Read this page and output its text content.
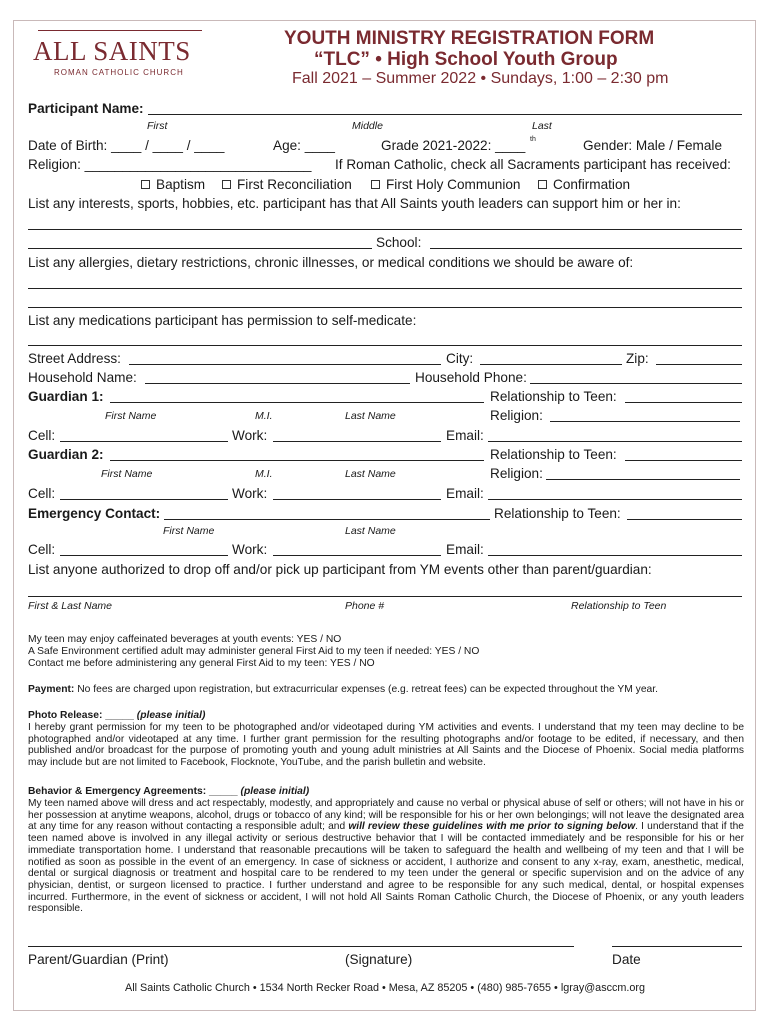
ALL SAINTS
ROMAN CATHOLIC CHURCH
YOUTH MINISTRY REGISTRATION FORM
“TLC” • High School Youth Group
Fall 2021 – Summer 2022 • Sundays, 1:00 – 2:30 pm
Participant Name:
First	Middle	Last
Date of Birth: ____ / ____ / ____	Age: ____	Grade 2021-2022: ____ th	Gender: Male / Female
Religion: ______________________________ If Roman Catholic, check all Sacraments participant has received:
Baptism	First Reconciliation	First Holy Communion	Confirmation
List any interests, sports, hobbies, etc. participant has that All Saints youth leaders can support him or her in:
School:
List any allergies, dietary restrictions, chronic illnesses, or medical conditions we should be aware of:
List any medications participant has permission to self-medicate:
Street Address:	City:	Zip:
Household Name:	Household Phone:
Guardian 1:	Relationship to Teen:
First Name	M.I.	Last Name	Religion:
Cell:	Work:	Email:
Guardian 2:	Relationship to Teen:
First Name	M.I.	Last Name	Religion:
Cell:	Work:	Email:
Emergency Contact:	Relationship to Teen:
First Name	Last Name
Cell:	Work:	Email:
List anyone authorized to drop off and/or pick up participant from YM events other than parent/guardian:
First & Last Name	Phone #	Relationship to Teen
My teen may enjoy caffeinated beverages at youth events: YES / NO
A Safe Environment certified adult may administer general First Aid to my teen if needed: YES / NO
Contact me before administering any general First Aid to my teen: YES / NO
Payment: No fees are charged upon registration, but extracurricular expenses (e.g. retreat fees) can be expected throughout the YM year.
Photo Release: _____ (please initial)
I hereby grant permission for my teen to be photographed and/or videotaped during YM activities and events. I understand that my teen may decline to be photographed and/or videotaped at any time. I further grant permission for the resulting photographs and/or footage to be edited, if necessary, and then published and/or broadcast for the purpose of promoting youth and young adult ministries at All Saints and the Diocese of Phoenix. Social media platforms may include but are not limited to Facebook, Flocknote, YouTube, and the parish bulletin and website.
Behavior & Emergency Agreements: _____ (please initial)
My teen named above will dress and act respectably, modestly, and appropriately and cause no verbal or physical abuse of self or others; will not have in his or her possession at anytime weapons, alcohol, drugs or tobacco of any kind; will be responsible for his or her own belongings; will not leave the designated area at any time for any reason without contacting a responsible adult; and will review these guidelines with me prior to signing below. I understand that if the teen named above is involved in any illegal activity or serious destructive behavior that I will be contacted immediately and be responsible for his or her immediate transportation home. I understand that reasonable precautions will be taken to safeguard the health and wellbeing of my teen and that I will be notified as soon as possible in the event of an emergency. In case of sickness or accident, I authorize and consent to any x-ray, exam, anesthetic, medical, dental or surgical diagnosis or treatment and hospital care to be rendered to my teen under the general or specific supervision and on the advice of any physician, dentist, or surgeon licensed to practice. I further understand and agree to be responsible for any such medical, dental, or hospital expenses incurred. Furthermore, in the event of sickness or accident, I will not hold All Saints Roman Catholic Church, the Diocese of Phoenix, or any youth leaders responsible.
Parent/Guardian (Print)	(Signature)	Date
All Saints Catholic Church • 1534 North Recker Road • Mesa, AZ 85205 • (480) 985-7655 • lgray@asccm.org
